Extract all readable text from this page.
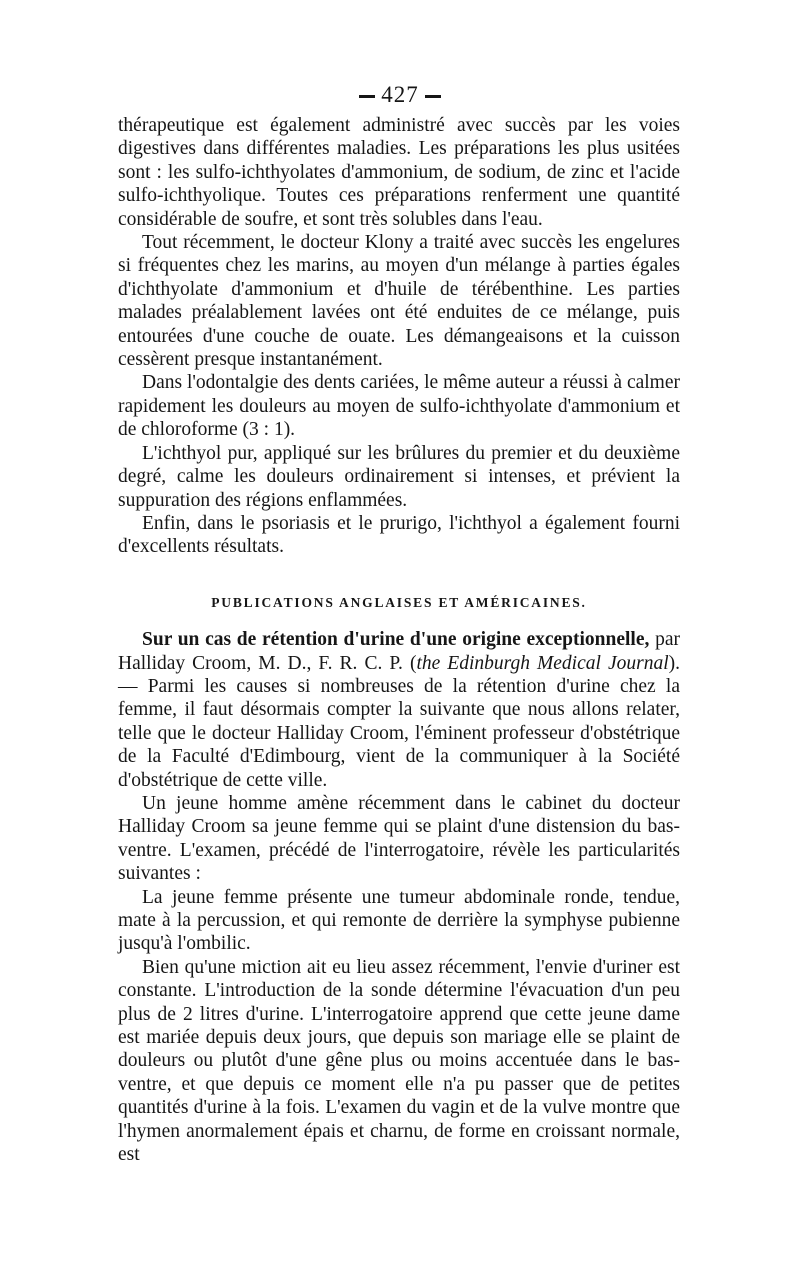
427

thérapeutique est également administré avec succès par les voies digestives dans différentes maladies. Les préparations les plus usitées sont : les sulfo-ichthyolates d'ammonium, de sodium, de zinc et l'acide sulfo-ichthyolique. Toutes ces préparations renferment une quantité considérable de soufre, et sont très solubles dans l'eau.

Tout récemment, le docteur Klony a traité avec succès les engelures si fréquentes chez les marins, au moyen d'un mélange à parties égales d'ichthyolate d'ammonium et d'huile de térébenthine. Les parties malades préalablement lavées ont été enduites de ce mélange, puis entourées d'une couche de ouate. Les démangeaisons et la cuisson cessèrent presque instantanément.

Dans l'odontalgie des dents cariées, le même auteur a réussi à calmer rapidement les douleurs au moyen de sulfo-ichthyolate d'ammonium et de chloroforme (3 : 1).

L'ichthyol pur, appliqué sur les brûlures du premier et du deuxième degré, calme les douleurs ordinairement si intenses, et prévient la suppuration des régions enflammées.

Enfin, dans le psoriasis et le prurigo, l'ichthyol a également fourni d'excellents résultats.

PUBLICATIONS ANGLAISES ET AMÉRICAINES.

Sur un cas de rétention d'urine d'une origine exceptionnelle, par Halliday Croom, M. D., F. R. C. P. (the Edinburgh Medical Journal). — Parmi les causes si nombreuses de la rétention d'urine chez la femme, il faut désormais compter la suivante que nous allons relater, telle que le docteur Halliday Croom, l'éminent professeur d'obstétrique de la Faculté d'Edimbourg, vient de la communiquer à la Société d'obstétrique de cette ville.

Un jeune homme amène récemment dans le cabinet du docteur Halliday Croom sa jeune femme qui se plaint d'une distension du bas-ventre. L'examen, précédé de l'interrogatoire, révèle les particularités suivantes :

La jeune femme présente une tumeur abdominale ronde, tendue, mate à la percussion, et qui remonte de derrière la symphyse pubienne jusqu'à l'ombilic.

Bien qu'une miction ait eu lieu assez récemment, l'envie d'uriner est constante. L'introduction de la sonde détermine l'évacuation d'un peu plus de 2 litres d'urine. L'interrogatoire apprend que cette jeune dame est mariée depuis deux jours, que depuis son mariage elle se plaint de douleurs ou plutôt d'une gêne plus ou moins accentuée dans le bas-ventre, et que depuis ce moment elle n'a pu passer que de petites quantités d'urine à la fois. L'examen du vagin et de la vulve montre que l'hymen anormalement épais et charnu, de forme en croissant normale, est
